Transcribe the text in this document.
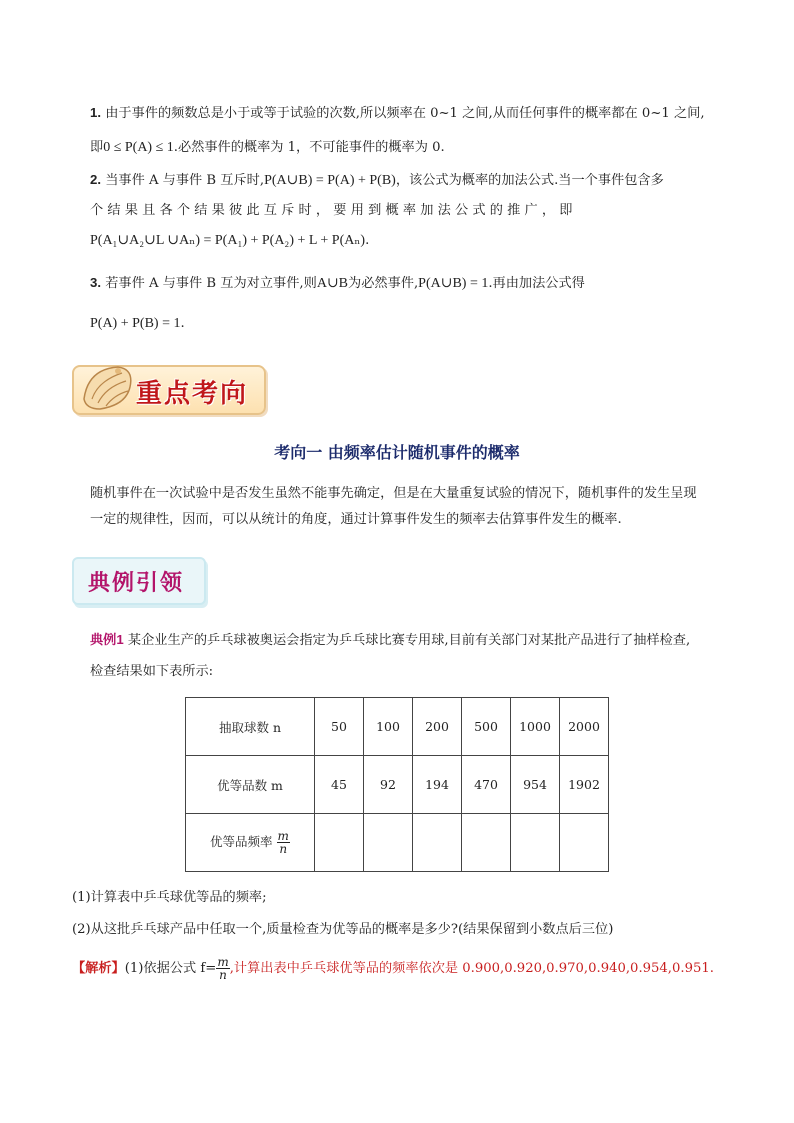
1. 由于事件的频数总是小于或等于试验的次数,所以频率在 0~1 之间,从而任何事件的概率都在 0~1 之间,
即0 ≤ P(A) ≤ 1.必然事件的概率为 1，不可能事件的概率为 0.
2. 当事件 A 与事件 B 互斥时,P(A∪B) = P(A) + P(B)，该公式为概率的加法公式.当一个事件包含多
个 结 果 且 各 个 结 果 彼 此 互 斥 时 ， 要 用 到 概 率 加 法 公 式 的 推 广 ， 即
P(A₁∪A₂∪L ∪Aₙ) = P(A₁) + P(A₂) + L + P(Aₙ).
3. 若事件 A 与事件 B 互为对立事件,则A∪B为必然事件,P(A∪B) = 1.再由加法公式得
P(A) + P(B) = 1.
重点考向
考向一 由频率估计随机事件的概率
随机事件在一次试验中是否发生虽然不能事先确定，但是在大量重复试验的情况下，随机事件的发生呈现
一定的规律性，因而，可以从统计的角度，通过计算事件发生的频率去估算事件发生的概率.
典例引领
典例1 某企业生产的乒乓球被奥运会指定为乒乓球比赛专用球,目前有关部门对某批产品进行了抽样检查,
检查结果如下表所示:
抽取球数 n	50	100	200	500	1000	2000
优等品数 m	45	92	194	470	954	1902
优等品频率 $\frac{m}{n}$

(1)计算表中乒乓球优等品的频率;
(2)从这批乒乓球产品中任取一个,质量检查为优等品的概率是多少?(结果保留到小数点后三位)
【解析】(1)依据公式 $f= \frac{m}{n}$ ,计算出表中乒乓球优等品的频率依次是 0.900,0.920,0.970,0.940,0.954,0.951.
